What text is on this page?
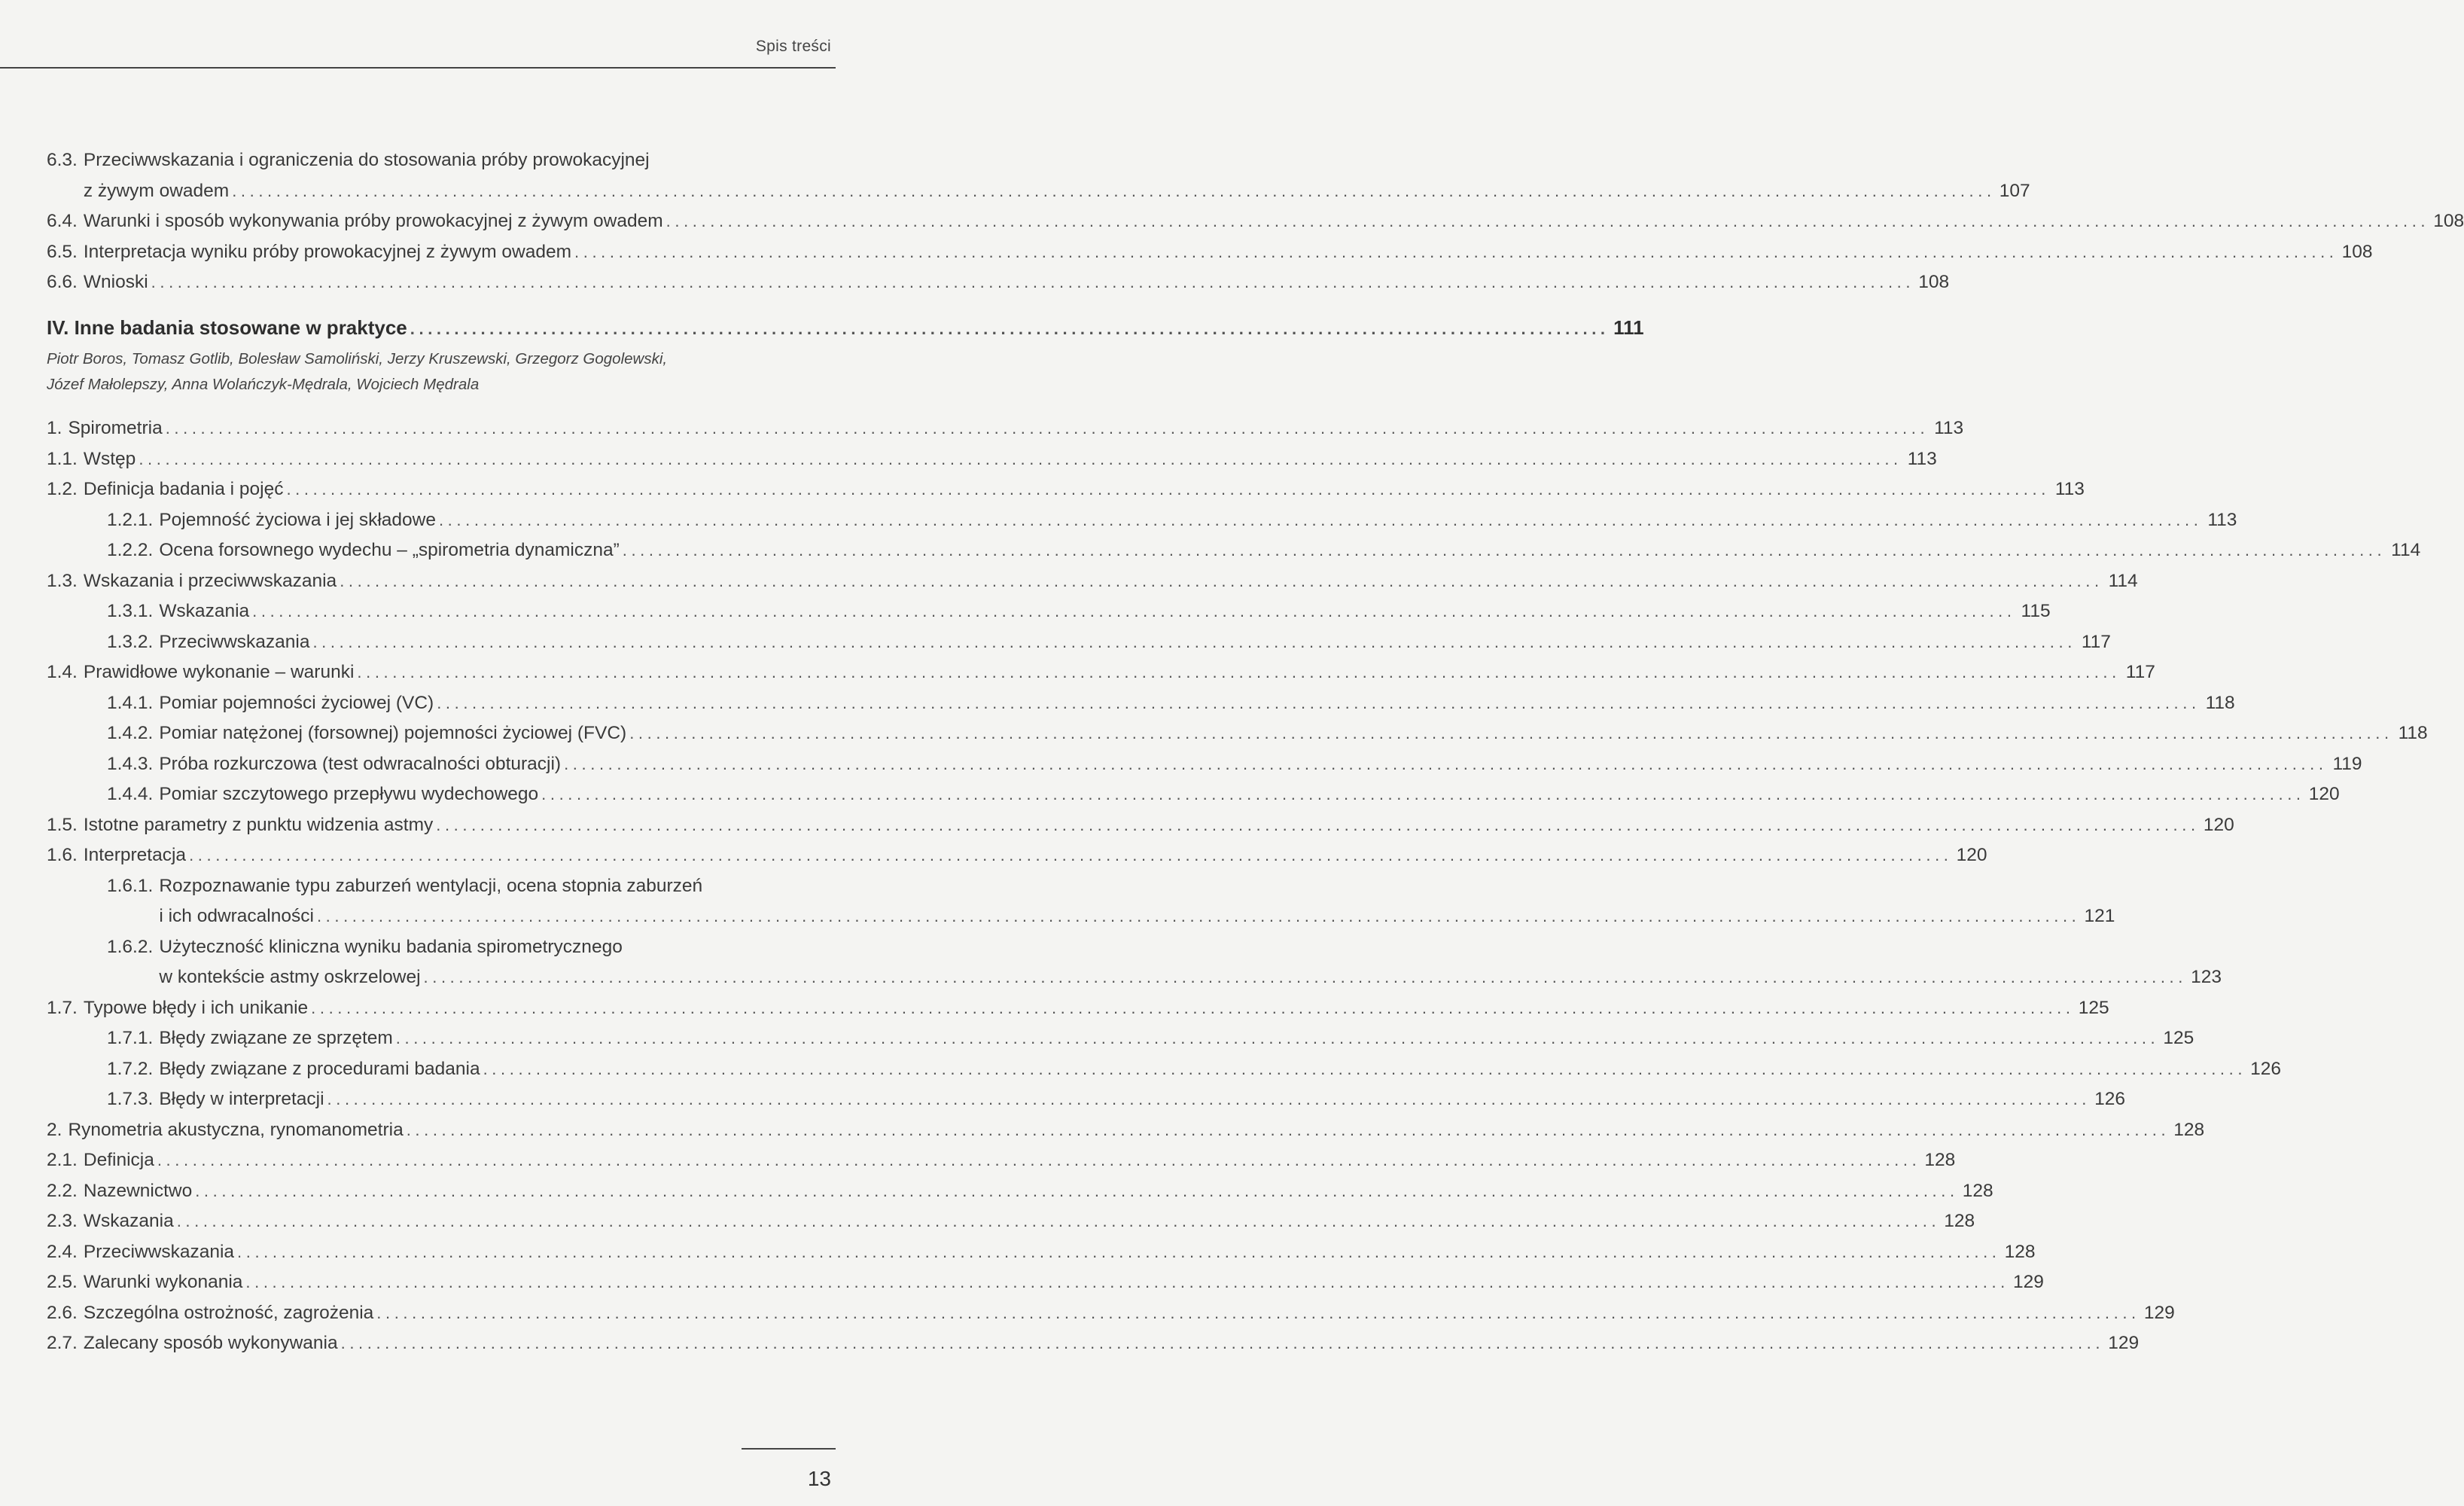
Spis treści
IV. Inne badania stosowane w praktyce ........................................................................................................................................ 111
Piotr Boros, Tomasz Gotlib, Bolesław Samoliński, Jerzy Kruszewski, Grzegorz Gogolewski,
Józef Małolepszy, Anna Wolańczyk-Mędrala, Wojciech Mędrala
6.3. Przeciwwskazania i ograniczenia do stosowania próby prowokacyjnej
z żywym owadem ........................................................................................................................................................................................................ 107
6.4. Warunki i sposób wykonywania próby prowokacyjnej z żywym owadem ........................................................................................................................................................................................................ 108
6.5. Interpretacja wyniku próby prowokacyjnej z żywym owadem ........................................................................................................................................................................................................ 108
6.6. Wnioski ........................................................................................................................................................................................................ 108
1. Spirometria ........................................................................................................................................................................................................ 113
1.1. Wstęp ........................................................................................................................................................................................................ 113
1.2. Definicja badania i pojęć ........................................................................................................................................................................................................ 113
1.2.1. Pojemność życiowa i jej składowe ........................................................................................................................................................................................................ 113
1.2.2. Ocena forsownego wydechu – „spirometria dynamiczna” ........................................................................................................................................................................................................ 114
1.3. Wskazania i przeciwwskazania ........................................................................................................................................................................................................ 114
1.3.1. Wskazania ........................................................................................................................................................................................................ 115
1.3.2. Przeciwwskazania ........................................................................................................................................................................................................ 117
1.4. Prawidłowe wykonanie – warunki ........................................................................................................................................................................................................ 117
1.4.1. Pomiar pojemności życiowej (VC) ........................................................................................................................................................................................................ 118
1.4.2. Pomiar natężonej (forsownej) pojemności życiowej (FVC) ........................................................................................................................................................................................................ 118
1.4.3. Próba rozkurczowa (test odwracalności obturacji) ........................................................................................................................................................................................................ 119
1.4.4. Pomiar szczytowego przepływu wydechowego ........................................................................................................................................................................................................ 120
1.5. Istotne parametry z punktu widzenia astmy ........................................................................................................................................................................................................ 120
1.6. Interpretacja ........................................................................................................................................................................................................ 120
1.6.1. Rozpoznawanie typu zaburzeń wentylacji, ocena stopnia zaburzeń
i ich odwracalności ........................................................................................................................................................................................................ 121
1.6.2. Użyteczność kliniczna wyniku badania spirometrycznego
w kontekście astmy oskrzelowej ........................................................................................................................................................................................................ 123
1.7. Typowe błędy i ich unikanie ........................................................................................................................................................................................................ 125
1.7.1. Błędy związane ze sprzętem ........................................................................................................................................................................................................ 125
1.7.2. Błędy związane z procedurami badania ........................................................................................................................................................................................................ 126
1.7.3. Błędy w interpretacji ........................................................................................................................................................................................................ 126
2. Rynometria akustyczna, rynomanometria ........................................................................................................................................................................................................ 128
2.1. Definicja ........................................................................................................................................................................................................ 128
2.2. Nazewnictwo ........................................................................................................................................................................................................ 128
2.3. Wskazania ........................................................................................................................................................................................................ 128
2.4. Przeciwwskazania ........................................................................................................................................................................................................ 128
2.5. Warunki wykonania ........................................................................................................................................................................................................ 129
2.6. Szczególna ostrożność, zagrożenia ........................................................................................................................................................................................................ 129
2.7. Zalecany sposób wykonywania ........................................................................................................................................................................................................ 129
13
